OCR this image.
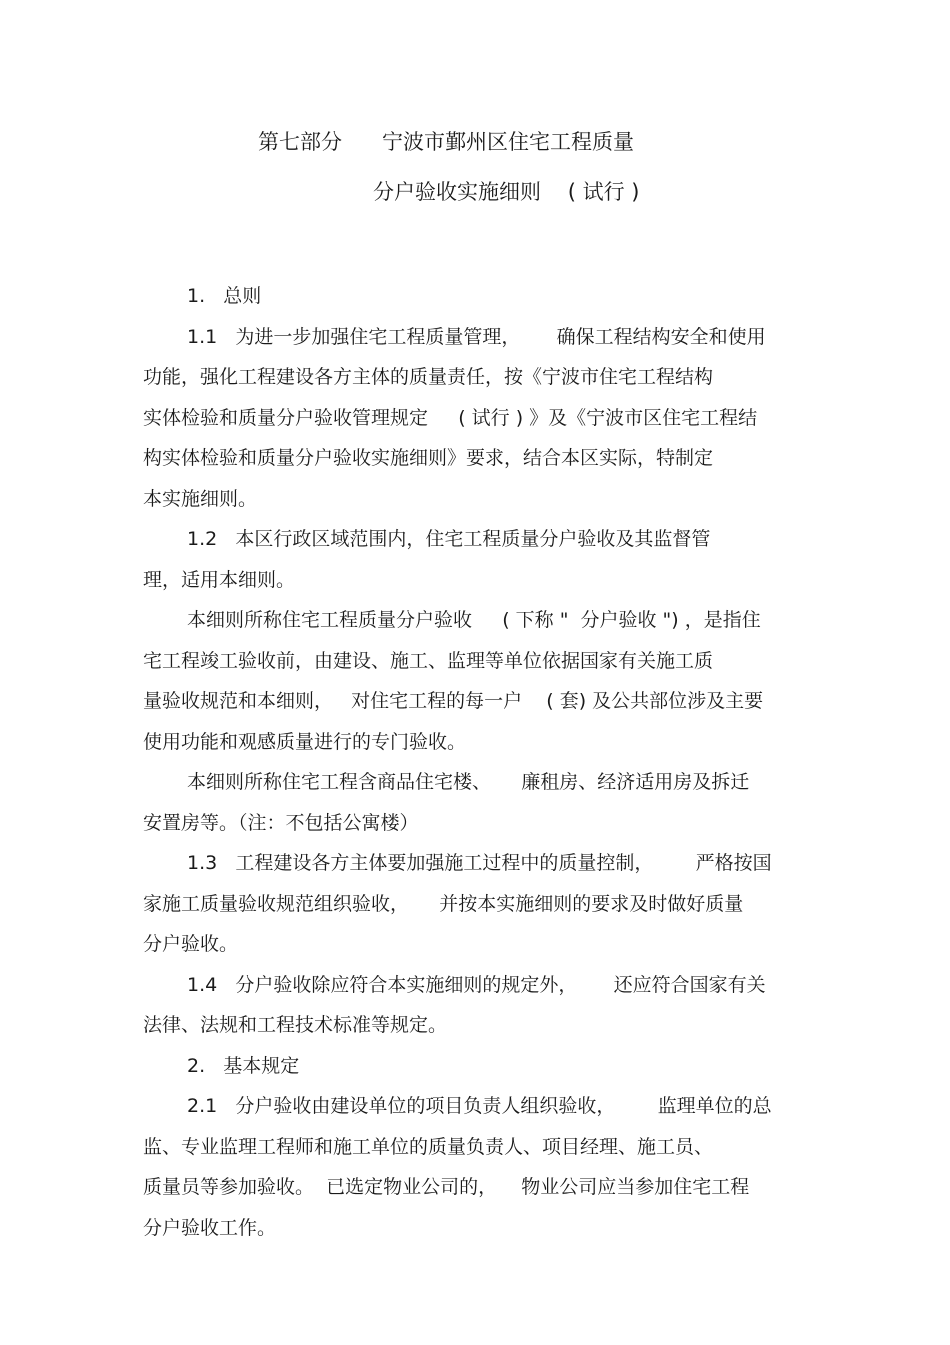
第七部分      宁波市鄞州区住宅工程质量
分户验收实施细则    ( 试行 )
1.   总则
1.1   为进一步加强住宅工程质量管理，      确保工程结构安全和使用
功能，强化工程建设各方主体的质量责任，按《宁波市住宅工程结构
实体检验和质量分户验收管理规定     ( 试行 ) 》及《宁波市区住宅工程结
构实体检验和质量分户验收实施细则》要求，结合本区实际，特制定
本实施细则。
1.2   本区行政区域范围内，住宅工程质量分户验收及其监督管
理，适用本细则。
本细则所称住宅工程质量分户验收     ( 下称 "  分户验收 ") ，是指住
宅工程竣工验收前，由建设、施工、监理等单位依据国家有关施工质
量验收规范和本细则，   对住宅工程的每一户    ( 套) 及公共部位涉及主要
使用功能和观感质量进行的专门验收。
本细则所称住宅工程含商品住宅楼、     廉租房、经济适用房及拆迁
安置房等。（注：不包括公寓楼）
1.3   工程建设各方主体要加强施工过程中的质量控制，       严格按国
家施工质量验收规范组织验收，     并按本实施细则的要求及时做好质量
分户验收。
1.4   分户验收除应符合本实施细则的规定外，      还应符合国家有关
法律、法规和工程技术标准等规定。
2.   基本规定
2.1   分户验收由建设单位的项目负责人组织验收，       监理单位的总
监、专业监理工程师和施工单位的质量负责人、项目经理、施工员、
质量员等参加验收。  已选定物业公司的，    物业公司应当参加住宅工程
分户验收工作。
